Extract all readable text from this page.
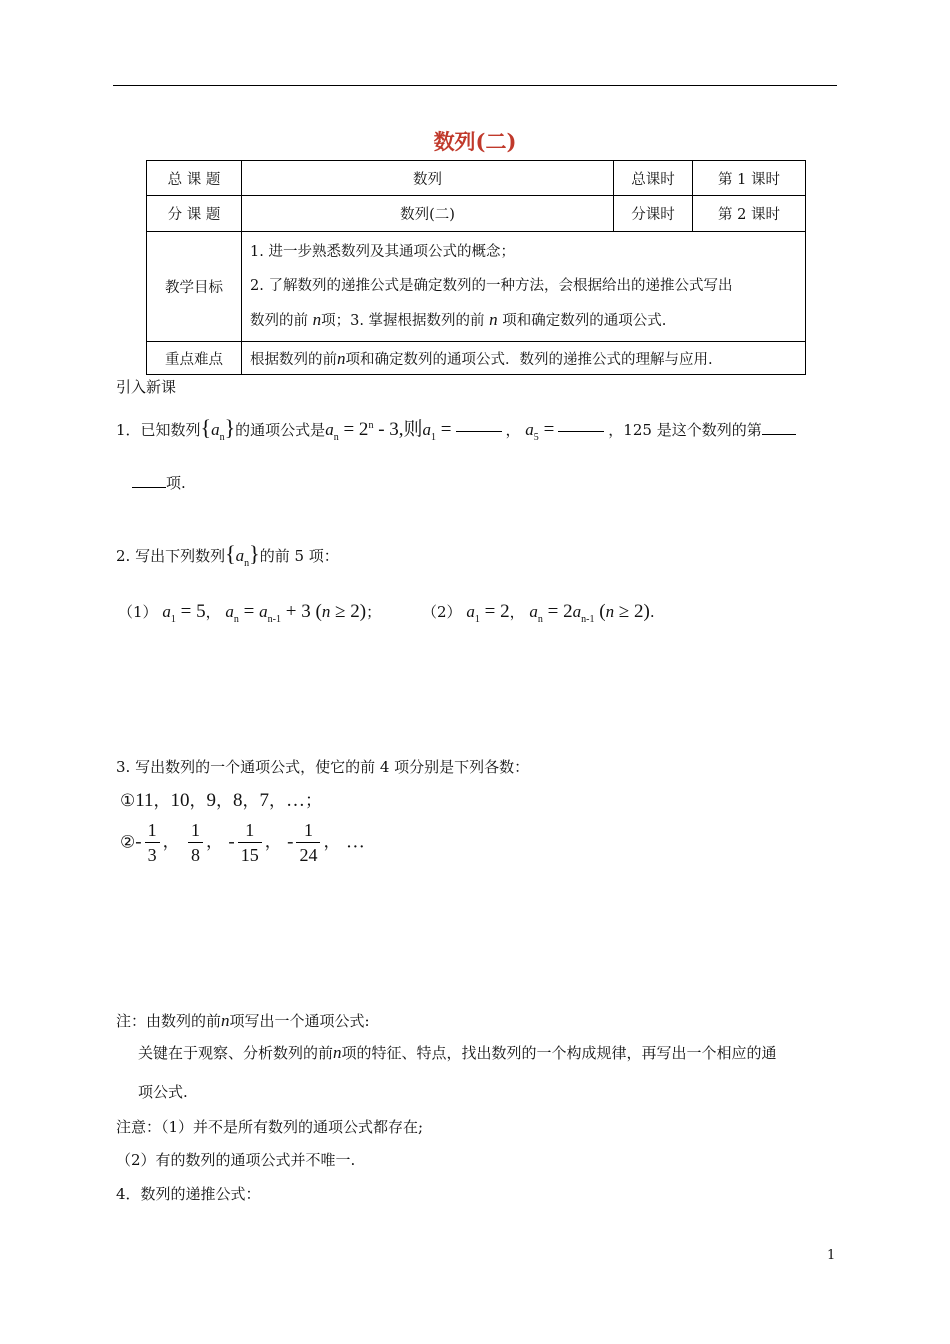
数列(二)
总 课 题	数列	总课时	第 1 课时
分 课 题	数列(二)	分课时	第 2 课时
教学目标	1. 进一步熟悉数列及其通项公式的概念；
2. 了解数列的递推公式是确定数列的一种方法，会根据给出的递推公式写出
数列的前 n项；3. 掌握根据数列的前 n 项和确定数列的通项公式.		

重点难点	根据数列的前n项和确定数列的通项公式．数列的递推公式的理解与应用.		
引入新课
1．已知数列$\{a_n\}$的通项公式是$a_n = 2^n - 3$,则$a_1$ =	， $a_5$ =	，125 是这个数列的第
项.
2. 写出下列数列$\{a_n\}$的前 5 项：
（1） $a_1 = 5$， $a_n = a_{n-1} + 3$ (n ≥ 2)；	（2） $a_1 = 2$， $a_n = 2a_{n-1}$ (n ≥ 2).
3. 写出数列的一个通项公式，使它的前 4 项分别是下列各数：
①11，10，9，8，7，…；
②- $\frac{1}{3}$ ， $\frac{1}{8}$ ， - $\frac{1}{15}$ ， - $\frac{1}{24}$ ， …
注：由数列的前n项写出一个通项公式:
关键在于观察、分析数列的前n项的特征、特点，找出数列的一个构成规律，再写出一个相应的通
项公式.
注意：（1）并不是所有数列的通项公式都存在;
（2）有的数列的通项公式并不唯一.
4．数列的递推公式：
1
